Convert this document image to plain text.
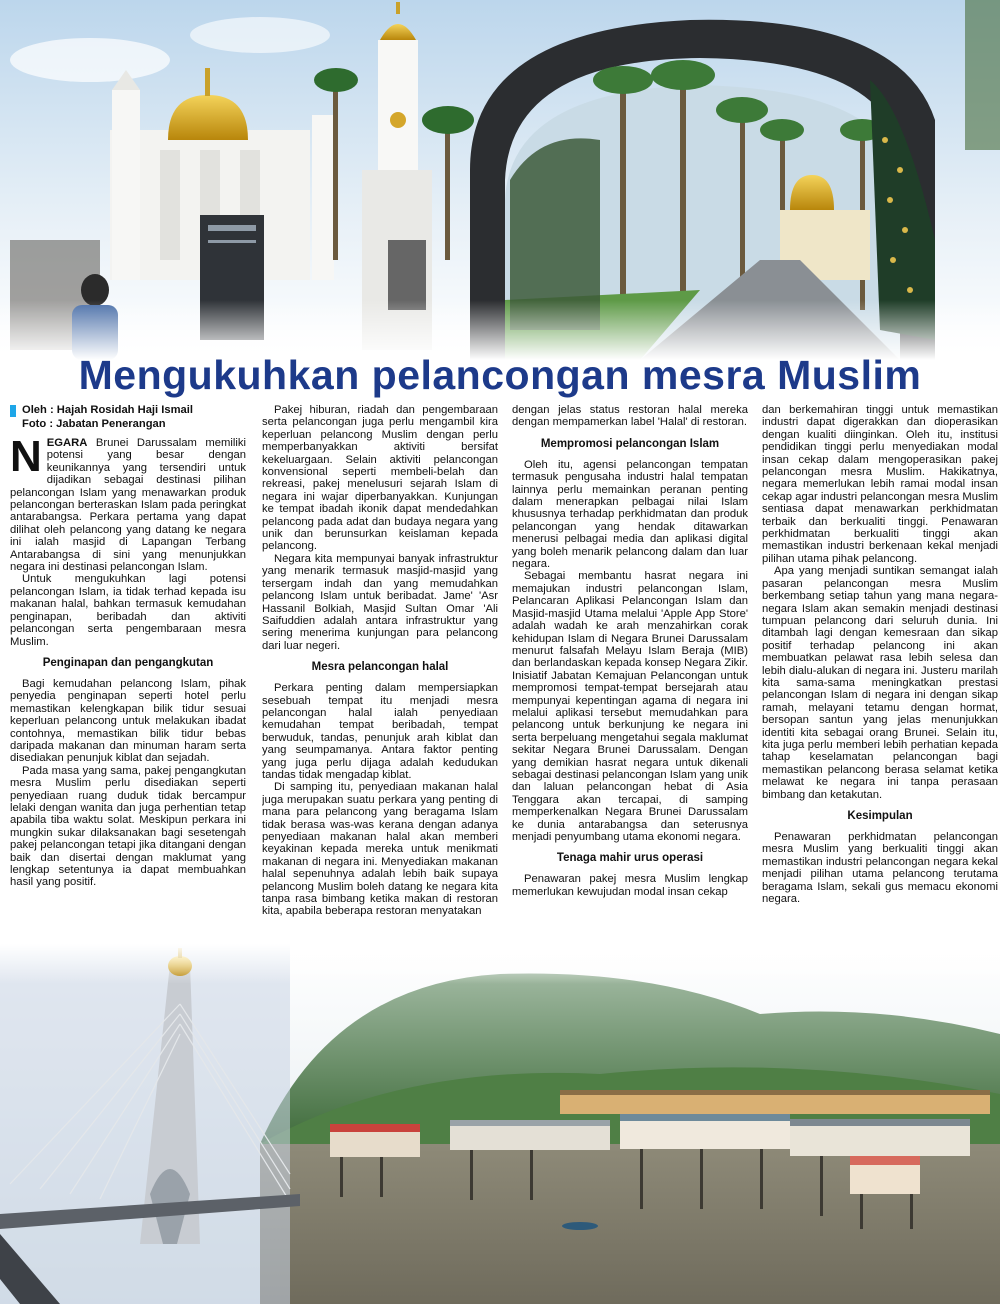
Mengukuhkan pelancongan mesra Muslim
Oleh : Hajah Rosidah Haji Ismail
Foto : Jabatan Penerangan

NEGARA Brunei Darussalam memiliki potensi yang besar dengan keunikannya yang tersendiri untuk dijadikan sebagai destinasi pilihan pelancongan Islam yang menawarkan produk pelancongan berteraskan Islam pada peringkat antarabangsa. Perkara pertama yang dapat dilihat oleh pelancong yang datang ke negara ini ialah masjid di Lapangan Terbang Antarabangsa di sini yang menunjukkan negara ini destinasi pelancongan Islam.

Untuk mengukuhkan lagi potensi pelancongan Islam, ia tidak terhad kepada isu makanan halal, bahkan termasuk kemudahan penginapan, beribadah dan aktiviti pelancongan serta pengembaraan mesra Muslim.

Penginapan dan pengangkutan

Bagi kemudahan pelancong Islam, pihak penyedia penginapan seperti hotel perlu memastikan kelengkapan bilik tidur sesuai keperluan pelancong untuk melakukan ibadat contohnya, memastikan bilik tidur bebas daripada makanan dan minuman haram serta disediakan penunjuk kiblat dan sejadah.

Pada masa yang sama, pakej pengangkutan mesra Muslim perlu disediakan seperti penyediaan ruang duduk tidak bercampur lelaki dengan wanita dan juga perhentian tetap apabila tiba waktu solat. Meskipun perkara ini mungkin sukar dilaksanakan bagi sesetengah pakej pelancongan tetapi jika ditangani dengan baik dan disertai dengan maklumat yang lengkap setentunya ia dapat membuahkan hasil yang positif.

Pakej hiburan, riadah dan pengembaraan serta pelancongan juga perlu mengambil kira keperluan pelancong Muslim dengan perlu memperbanyakkan aktiviti bersifat kekeluargaan. Selain aktiviti pelancongan konvensional seperti membeli-belah dan rekreasi, pakej menelusuri sejarah Islam di negara ini wajar diperbanyakkan. Kunjungan ke tempat ibadah ikonik dapat mendedahkan pelancong pada adat dan budaya negara yang unik dan berunsurkan keislaman kepada pelancong.

Negara kita mempunyai banyak infrastruktur yang menarik termasuk masjid-masjid yang tersergam indah dan yang memudahkan pelancong Islam untuk beribadat. Jame' 'Asr Hassanil Bolkiah, Masjid Sultan Omar 'Ali Saifuddien adalah antara infrastruktur yang sering menerima kunjungan para pelancong dari luar negeri.

Mesra pelancongan halal

Perkara penting dalam mempersiapkan sesebuah tempat itu menjadi mesra pelancongan halal ialah penyediaan kemudahan tempat beribadah, tempat berwuduk, tandas, penunjuk arah kiblat dan yang seumpamanya. Antara faktor penting yang juga perlu dijaga adalah kedudukan tandas tidak mengadap kiblat.

Di samping itu, penyediaan makanan halal juga merupakan suatu perkara yang penting di mana para pelancong yang beragama Islam tidak berasa was-was kerana dengan adanya penyediaan makanan halal akan memberi keyakinan kepada mereka untuk menikmati makanan di negara ini. Menyediakan makanan halal sepenuhnya adalah lebih baik supaya pelancong Muslim boleh datang ke negara kita tanpa rasa bimbang ketika makan di restoran kita, apabila beberapa restoran menyatakan

dengan jelas status restoran halal mereka dengan mempamerkan label 'Halal' di restoran.

Mempromosi pelancongan Islam

Oleh itu, agensi pelancongan tempatan termasuk pengusaha industri halal tempatan lainnya perlu memainkan peranan penting dalam menerapkan pelbagai nilai Islam khususnya terhadap perkhidmatan dan produk pelancongan yang hendak ditawarkan menerusi pelbagai media dan aplikasi digital yang boleh menarik pelancong dalam dan luar negara.

Sebagai membantu hasrat negara ini memajukan industri pelancongan Islam, Pelancaran Aplikasi Pelancongan Islam dan Masjid-masjid Utama melalui 'Apple App Store' adalah wadah ke arah menzahirkan corak kehidupan Islam di Negara Brunei Darussalam menurut falsafah Melayu Islam Beraja (MIB) dan berlandaskan kepada konsep Negara Zikir. Inisiatif Jabatan Kemajuan Pelancongan untuk mempromosi tempat-tempat bersejarah atau mempunyai kepentingan agama di negara ini melalui aplikasi tersebut memudahkan para pelancong untuk berkunjung ke negara ini serta berpeluang mengetahui segala maklumat sekitar Negara Brunei Darussalam. Dengan yang demikian hasrat negara untuk dikenali sebagai destinasi pelancongan Islam yang unik dan laluan pelancongan hebat di Asia Tenggara akan tercapai, di samping memperkenalkan Negara Brunei Darussalam ke dunia antarabangsa dan seterusnya menjadi penyumbang utama ekonomi negara.

Tenaga mahir urus operasi

Penawaran pakej mesra Muslim lengkap memerlukan kewujudan modal insan cekap

dan berkemahiran tinggi untuk memastikan industri dapat digerakkan dan dioperasikan dengan kualiti diinginkan. Oleh itu, institusi pendidikan tinggi perlu menyediakan modal insan cekap dalam mengoperasikan pakej pelancongan mesra Muslim. Hakikatnya, negara memerlukan lebih ramai modal insan cekap agar industri pelancongan mesra Muslim sentiasa dapat menawarkan perkhidmatan terbaik dan berkualiti tinggi. Penawaran perkhidmatan berkualiti tinggi akan memastikan industri berkenaan kekal menjadi pilihan utama pihak pelancong.

Apa yang menjadi suntikan semangat ialah pasaran pelancongan mesra Muslim berkembang setiap tahun yang mana negara-negara Islam akan semakin menjadi destinasi tumpuan pelancong dari seluruh dunia. Ini ditambah lagi dengan kemesraan dan sikap positif terhadap pelancong ini akan membuatkan pelawat rasa lebih selesa dan lebih dialu-alukan di negara ini. Justeru marilah kita sama-sama meningkatkan prestasi pelancongan Islam di negara ini dengan sikap ramah, melayani tetamu dengan hormat, bersopan santun yang jelas menunjukkan identiti kita sebagai orang Brunei. Selain itu, kita juga perlu memberi lebih perhatian kepada tahap keselamatan pelancongan bagi memastikan pelancong berasa selamat ketika melawat ke negara ini tanpa perasaan bimbang dan ketakutan.

Kesimpulan

Penawaran perkhidmatan pelancongan mesra Muslim yang berkualiti tinggi akan memastikan industri pelancongan negara kekal menjadi pilihan utama pelancong terutama beragama Islam, sekali gus memacu ekonomi negara.
